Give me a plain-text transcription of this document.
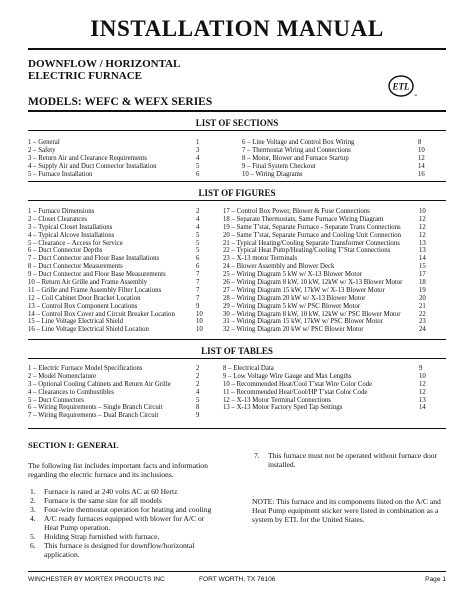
INSTALLATION MANUAL
DOWNFLOW / HORIZONTAL
ELECTRIC FURNACE
MODELS: WEFC & WEFX SERIES
ETL
us
LIST OF SECTIONS
1 – General	1
2 – Safety	3
3 – Return Air and Clearance Requirements	4
4 – Supply Air and Duct Connector Installation	5
5 – Furnace Installation	6
6 – Line Voltage and Control Box Wiring	8
7 – Thermostat Wiring and Connections	10
8 – Motor, Blower and Furnace Startup	12
9 – Final System Checkout	14
10 – Wiring Diagrams	16
LIST OF FIGURES
1 – Furnace Dimensions	2
2 – Closet Clearances	4
3 – Typical Closet Installations	4
4 – Typical Alcove Installations	5
5 – Clearance – Access for Service	5
6 – Duct Connector Depths	5
7 – Duct Connector and Floor Base Installations	6
8 – Duct Connector Measurements	6
9 – Duct Connector and Floor Base Measurements	7
10 – Return Air Grille and Frame Assembly	7
11 – Grille and Frame Assembly Filter Locations	7
12 – Coil Cabinet Door Bracket Location	7
13 – Control Box Component Locations	9
14 – Control Box Cover and Circuit Breaker Location	10
15 – Line Voltage Electrical Shield	10
16 – Line Voltage Electrical Shield Location	10
17 – Control Box Power, Blower & Fuse Connections	10
18 – Separate Thermostats, Same Furnace Wiring Diagram	12
19 – Same T’stat, Separate Furnace - Separate Trans Connections	12
20 – Same T’stat, Separate Furnace and Cooling Unit Connection	12
21 – Typical Heating/Cooling Separate Transformer Connections	13
22 – Typical Heat Pump/Heating/Cooling T’Stat Connections	13
23 – X-13 motor Terminals	14
24 – Blower Assembly and Blower Deck	15
25 – Wiring Diagram 5 kW w/ X-13 Blower Motor	17
26 – Wiring Diagram 8 kW, 10 kW, 12kW w/ X-13 Blower Motor 18
27 – Wiring Diagram 15 kW, 17kW w/ X-13 Blower Motor	19
28 – Wiring Diagram 20 kW w/ X-13 Blower Motor	20
29 – Wiring Diagram 5 kW w/ PSC Blower Motor	21
30 – Wiring Diagram 8 kW, 10 kW, 12kW w/ PSC Blower Motor	22
31 – Wiring Diagram 15 kW, 17kW w/ PSC Blower Motor	23
32 – Wiring Diagram 20 kW w/ PSC Blower Motor	24
LIST OF TABLES
1 – Electric Furnace Model Specifications	2
2 – Model Nomenclature	2
3 – Optional Cooling Cabinets and Return Air Grille	2
4 – Clearances to Combustibles	4
5 – Duct Connectors	5
6 – Wiring Requirements – Single Branch Circuit	8
7 – Wiring Requirements – Dual Branch Circuit	9
8 – Electrical Data	9
9 – Low Voltage Wire Gauge and Max Lengths	10
10 – Recommended Heat/Cool T’stat Wire Color Code	12
11 – Recommended Heat/Cool/HP T’stat Color Code	12
12 – X-13 Motor Terminal Connections	13
13 – X-13 Motor Factory Sped Tap Settings	14
SECTION I: GENERAL
The following list includes important facts and information regarding the electric furnace and its inclusions.
1. Furnace is rated at 240 volts AC at 60 Hertz
2. Furnace is the same size for all models
3. Four-wire thermostat operation for heating and cooling
4. A/C ready furnaces equipped with blower for A/C or Heat Pump operation.
5. Holding Strap furnished with furnace.
6. This furnace is designed for downflow/horizontal application.
7.	This furnace must not be operated without furnace door installed.
NOTE: This furnace and its components listed on the A/C and Heat Pump equipment sticker were listed in combination as a system by ETL for the United States.
WINCHESTER BY MORTEX PRODUCTS INC	FORT WORTH, TX 76106	Page 1
